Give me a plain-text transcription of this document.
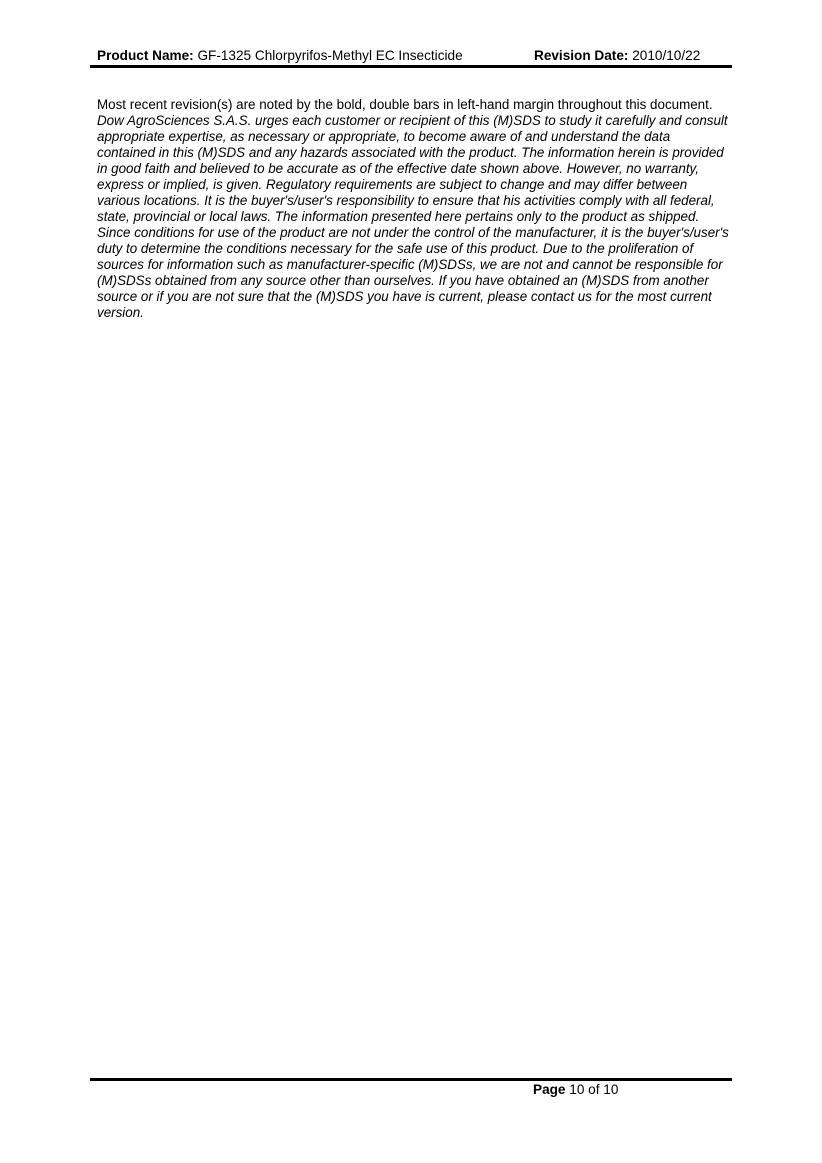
Product Name: GF-1325 Chlorpyrifos-Methyl EC Insecticide	Revision Date: 2010/10/22

Most recent revision(s) are noted by the bold, double bars in left-hand margin throughout this document.

Dow AgroSciences S.A.S. urges each customer or recipient of this (M)SDS to study it carefully and consult appropriate expertise, as necessary or appropriate, to become aware of and understand the data contained in this (M)SDS and any hazards associated with the product. The information herein is provided in good faith and believed to be accurate as of the effective date shown above. However, no warranty, express or implied, is given. Regulatory requirements are subject to change and may differ between various locations. It is the buyer's/user's responsibility to ensure that his activities comply with all federal, state, provincial or local laws. The information presented here pertains only to the product as shipped. Since conditions for use of the product are not under the control of the manufacturer, it is the buyer's/user's duty to determine the conditions necessary for the safe use of this product. Due to the proliferation of sources for information such as manufacturer-specific (M)SDSs, we are not and cannot be responsible for (M)SDSs obtained from any source other than ourselves. If you have obtained an (M)SDS from another source or if you are not sure that the (M)SDS you have is current, please contact us for the most current version.

Page 10 of 10
